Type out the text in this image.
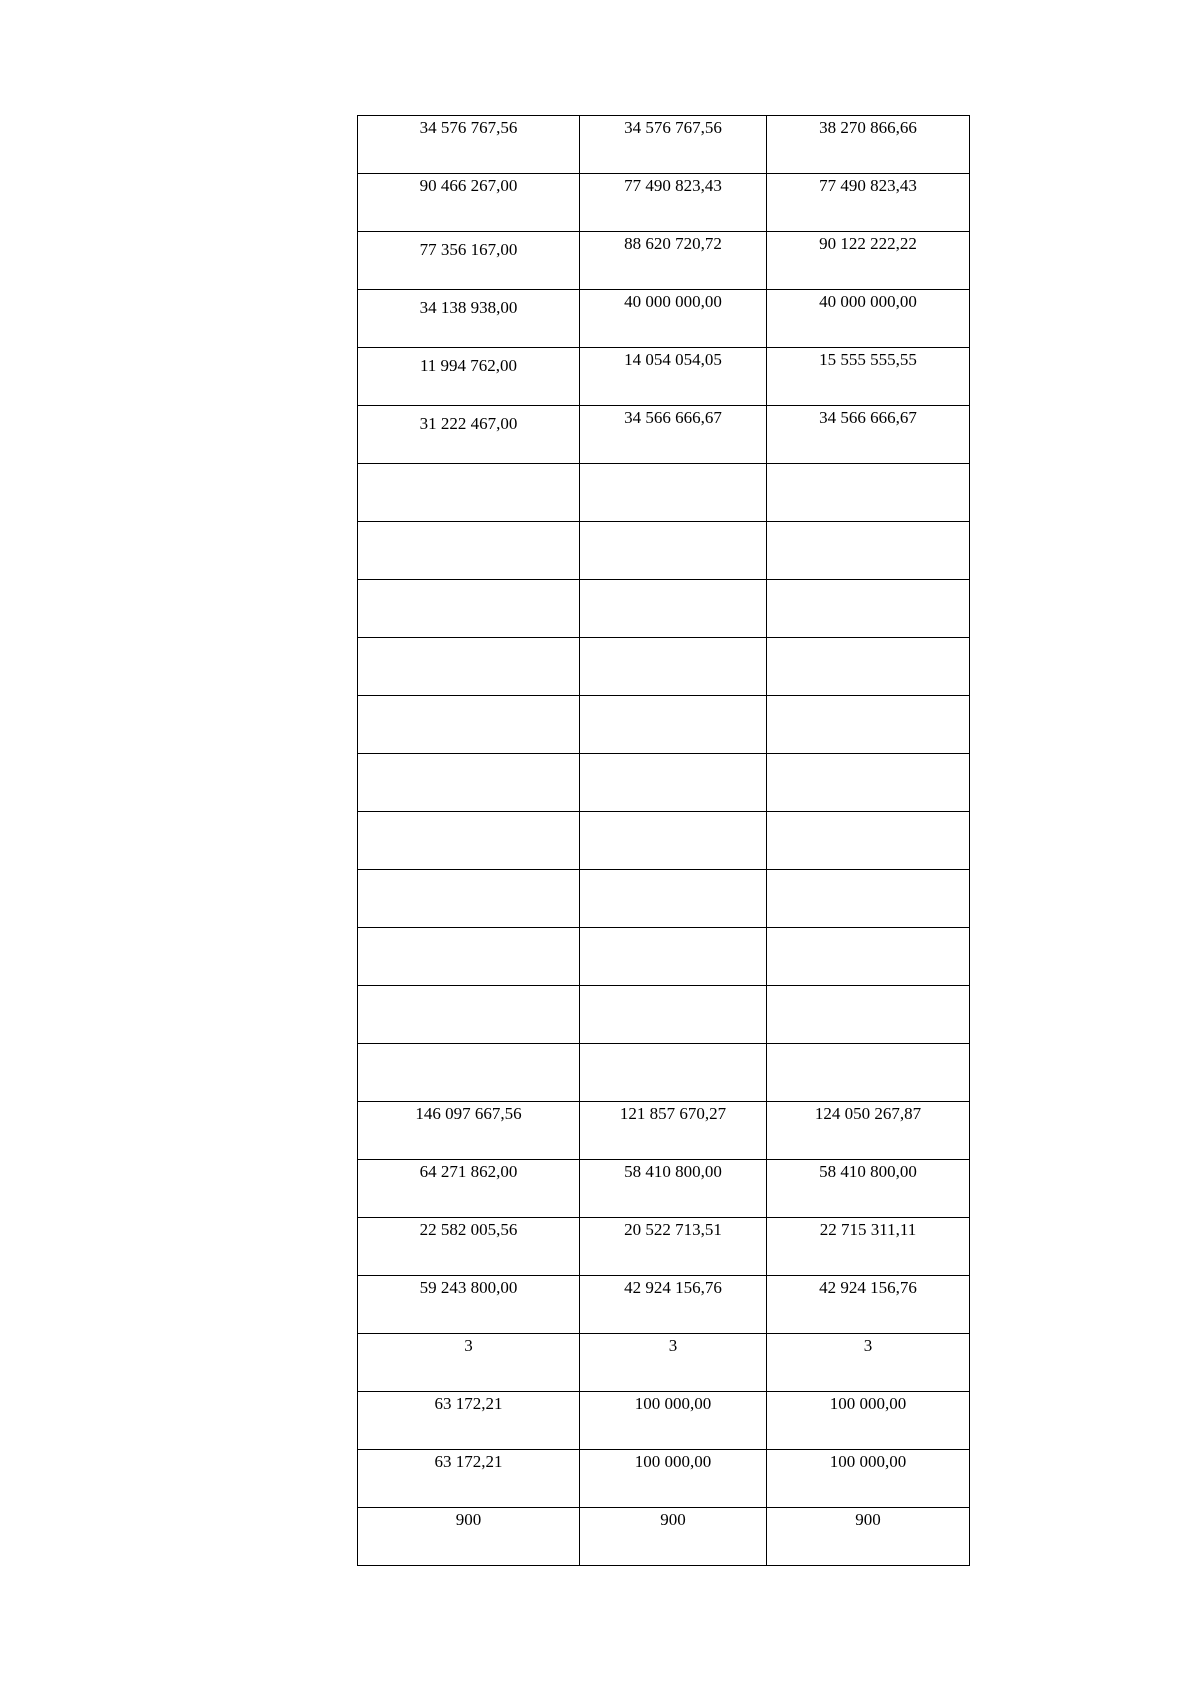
34 576 767,56	34 576 767,56	38 270 866,66
90 466 267,00	77 490 823,43	77 490 823,43
77 356 167,00	88 620 720,72	90 122 222,22
34 138 938,00	40 000 000,00	40 000 000,00
11 994 762,00	14 054 054,05	15 555 555,55
31 222 467,00	34 566 666,67	34 566 666,67

146 097 667,56	121 857 670,27	124 050 267,87
64 271 862,00	58 410 800,00	58 410 800,00
22 582 005,56	20 522 713,51	22 715 311,11
59 243 800,00	42 924 156,76	42 924 156,76
3	3	3
63 172,21	100 000,00	100 000,00
63 172,21	100 000,00	100 000,00
900	900	900
